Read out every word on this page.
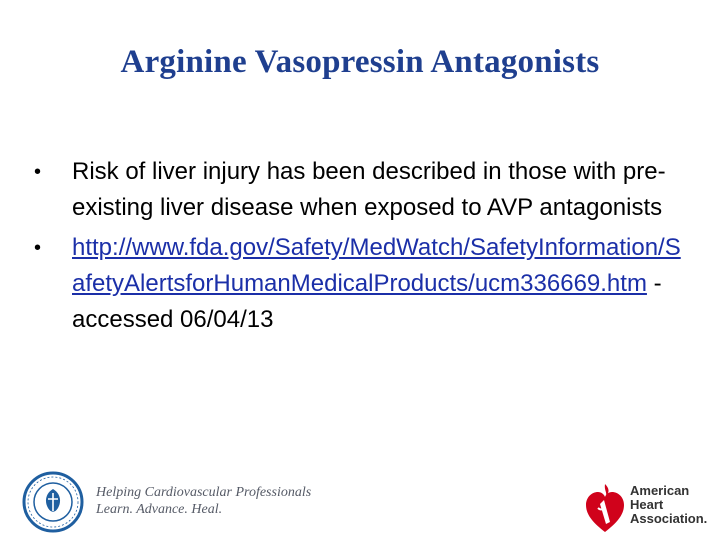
Arginine Vasopressin Antagonists
• Risk of liver injury has been described in those with pre-existing liver disease when exposed to AVP antagonists
• http://www.fda.gov/Safety/MedWatch/SafetyInformation/SafetyAlertsforHumanMedicalProducts/ucm336669.htm - accessed 06/04/13
Helping Cardiovascular Professionals
Learn. Advance. Heal.
American
Heart
Association.
